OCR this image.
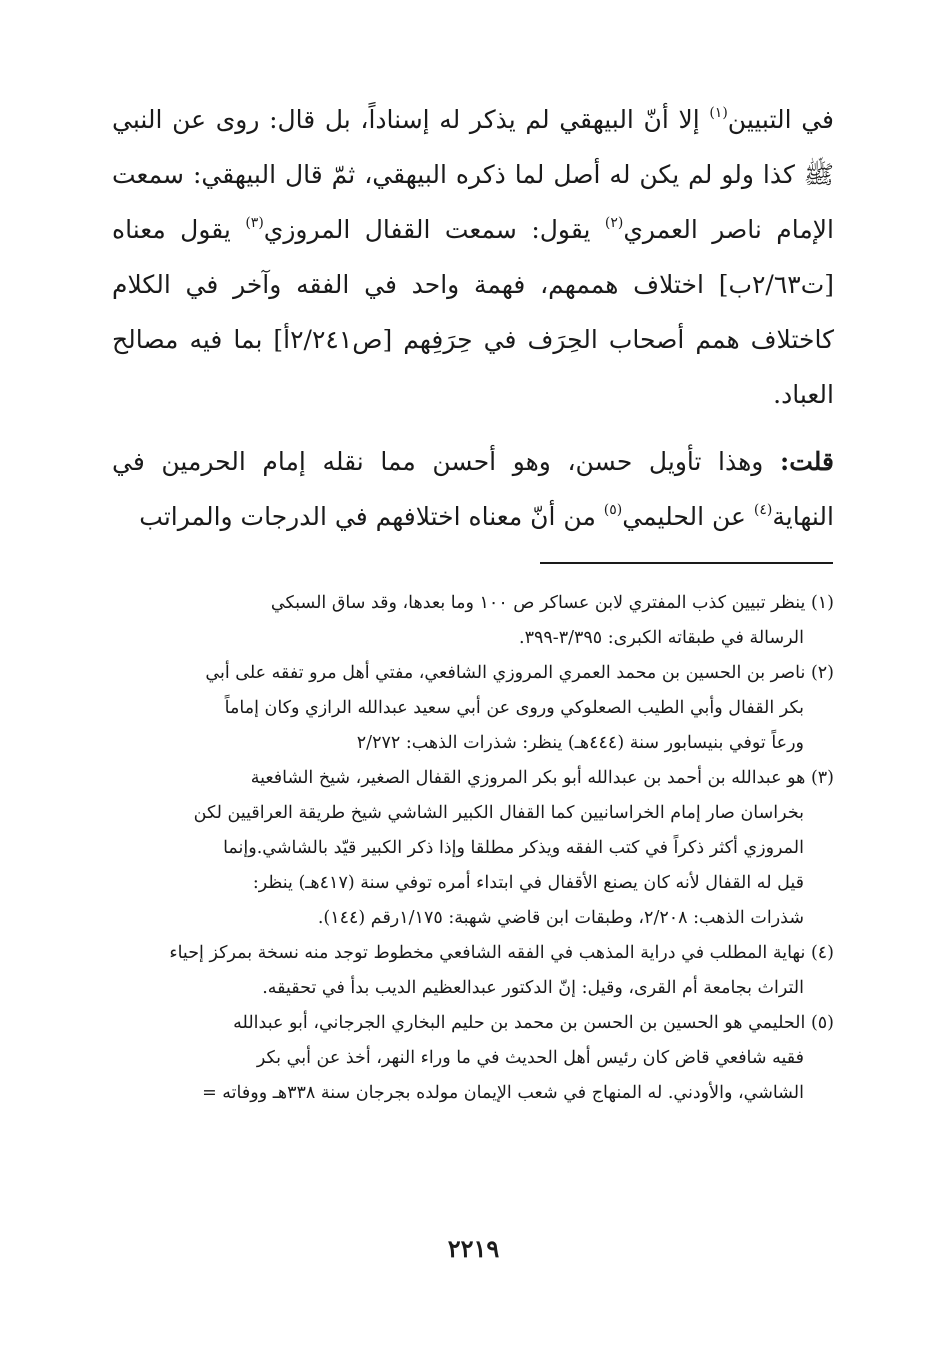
في التبيين$^{(١)}$ إلا أنّ البيهقي لم يذكر له إسناداً، بل قال: روى عن النبي ﷺ كذا ولو لم يكن له أصل لما ذكره البيهقي، ثمّ قال البيهقي: سمعت الإمام ناصر العمري$^{(٢)}$ يقول: سمعت القفال المروزي$^{(٣)}$ يقول معناه [ت٢/٦٣ب] اختلاف هممهم، فهمة واحد في الفقه وآخر في الكلام كاختلاف همم أصحاب الحِرَف في حِرَفِهم [ص٢/٢٤١أ] بما فيه مصالح العباد.

قلت: وهذا تأويل حسن، وهو أحسن مما نقله إمام الحرمين في النهاية$^{(٤)}$ عن الحليمي$^{(٥)}$ من أنّ معناه اختلافهم في الدرجات والمراتب

(١) ينظر تبيين كذب المفتري لابن عساكر ص ١٠٠ وما بعدها، وقد ساق السبكي

الرسالة في طبقاته الكبرى: ٣/٣٩٥-٣٩٩.

(٢) ناصر بن الحسين بن محمد العمري المروزي الشافعي، مفتي أهل مرو تفقه على أبي

بكر القفال وأبي الطيب الصعلوكي وروى عن أبي سعيد عبدالله الرازي وكان إماماً

ورعاً توفي بنيسابور سنة (٤٤٤هـ) ينظر: شذرات الذهب: ٢/٢٧٢

(٣) هو عبدالله بن أحمد بن عبدالله أبو بكر المروزي القفال الصغير، شيخ الشافعية

بخراسان صار إمام الخراسانيين كما القفال الكبير الشاشي شيخ طريقة العراقيين لكن

المروزي أكثر ذكراً في كتب الفقه ويذكر مطلقا وإذا ذكر الكبير قيّد بالشاشي.وإنما

قيل له القفال لأنه كان يصنع الأقفال في ابتداء أمره توفي سنة (٤١٧هـ) ينظر:

شذرات الذهب: ٢/٢٠٨، وطبقات ابن قاضي شهبة: ١/١٧٥رقم (١٤٤).

(٤) نهاية المطلب في دراية المذهب في الفقه الشافعي مخطوط توجد منه نسخة بمركز إحياء

التراث بجامعة أم القرى، وقيل: إنّ الدكتور عبدالعظيم الديب بدأ في تحقيقه.

(٥) الحليمي هو الحسين بن الحسن بن محمد بن حليم البخاري الجرجاني، أبو عبدالله

فقيه شافعي قاض كان رئيس أهل الحديث في ما وراء النهر، أخذ عن أبي بكر

الشاشي، والأودني. له المنهاج في شعب الإيمان مولده بجرجان سنة ٣٣٨هـ ووفاته =

٢٢١٩
